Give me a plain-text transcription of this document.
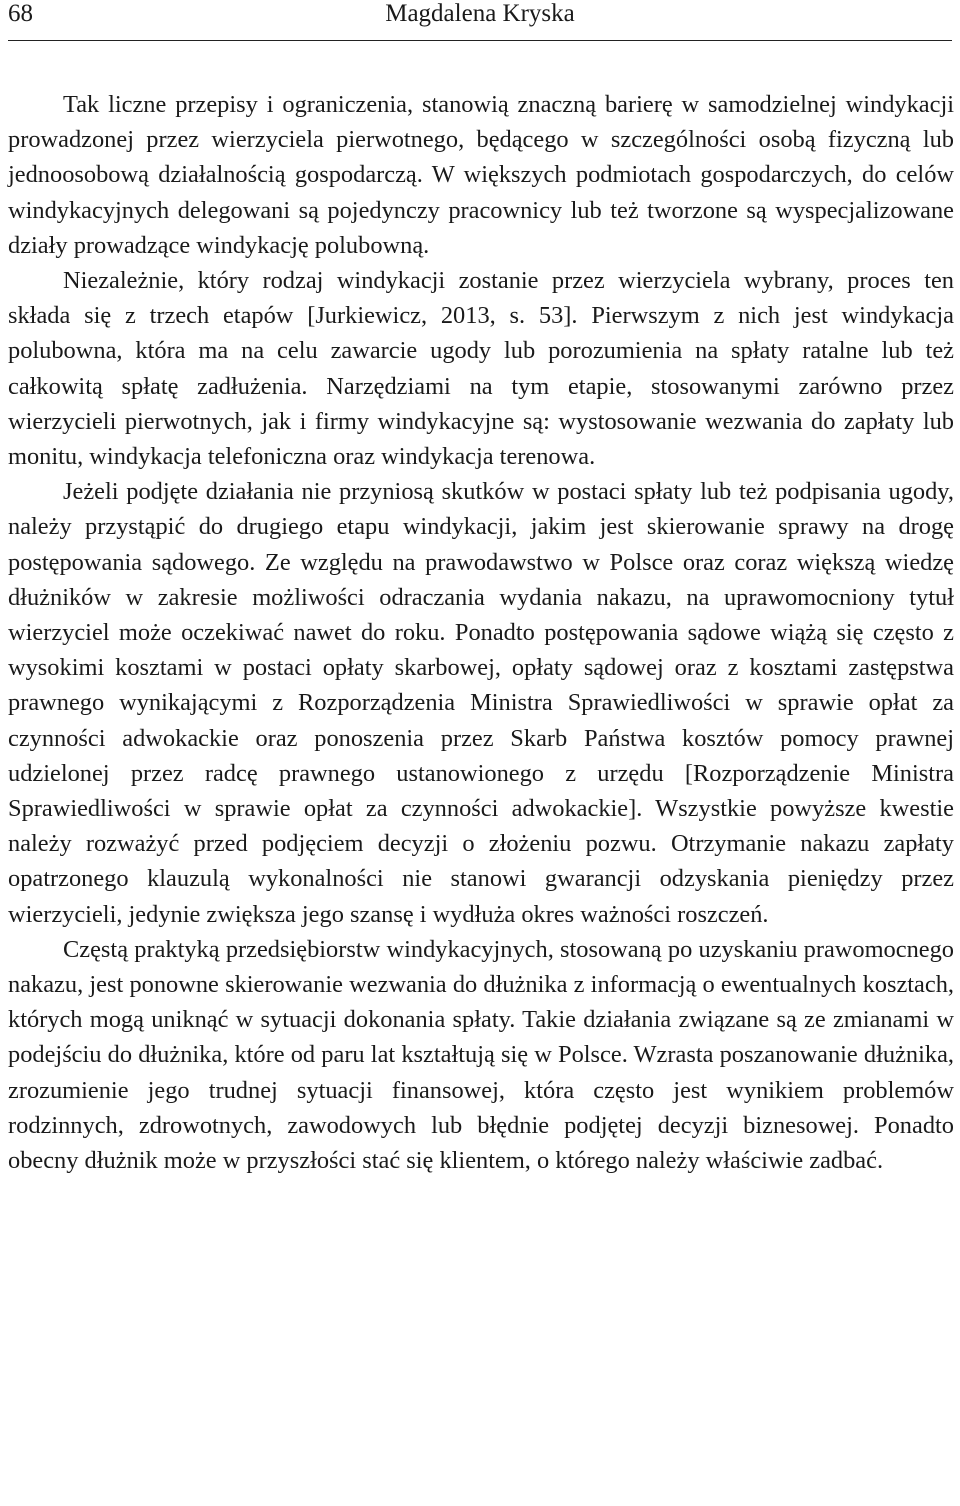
68	Magdalena Kryska

Tak liczne przepisy i ograniczenia, stanowią znaczną barierę w samodzielnej windykacji prowadzonej przez wierzyciela pierwotnego, będącego w szczególności osobą fizyczną lub jednoosobową działalnością gospodarczą. W większych podmiotach gospodarczych, do celów windykacyjnych delegowani są pojedynczy pracownicy lub też tworzone są wyspecjalizowane działy prowadzące windykację polubowną.

Niezależnie, który rodzaj windykacji zostanie przez wierzyciela wybrany, proces ten składa się z trzech etapów [Jurkiewicz, 2013, s. 53]. Pierwszym z nich jest windykacja polubowna, która ma na celu zawarcie ugody lub porozumienia na spłaty ratalne lub też całkowitą spłatę zadłużenia. Narzędziami na tym etapie, stosowanymi zarówno przez wierzycieli pierwotnych, jak i firmy windykacyjne są: wystosowanie wezwania do zapłaty lub monitu, windykacja telefoniczna oraz windykacja terenowa.

Jeżeli podjęte działania nie przyniosą skutków w postaci spłaty lub też podpisania ugody, należy przystąpić do drugiego etapu windykacji, jakim jest skierowanie sprawy na drogę postępowania sądowego. Ze względu na prawodawstwo w Polsce oraz coraz większą wiedzę dłużników w zakresie możliwości odraczania wydania nakazu, na uprawomocniony tytuł wierzyciel może oczekiwać nawet do roku. Ponadto postępowania sądowe wiążą się często z wysokimi kosztami w postaci opłaty skarbowej, opłaty sądowej oraz z kosztami zastępstwa prawnego wynikającymi z Rozporządzenia Ministra Sprawiedliwości w sprawie opłat za czynności adwokackie oraz ponoszenia przez Skarb Państwa kosztów pomocy prawnej udzielonej przez radcę prawnego ustanowionego z urzędu [Rozporządzenie Ministra Sprawiedliwości w sprawie opłat za czynności adwokackie]. Wszystkie powyższe kwestie należy rozważyć przed podjęciem decyzji o złożeniu pozwu. Otrzymanie nakazu zapłaty opatrzonego klauzulą wykonalności nie stanowi gwarancji odzyskania pieniędzy przez wierzycieli, jedynie zwiększa jego szansę i wydłuża okres ważności roszczeń.

Częstą praktyką przedsiębiorstw windykacyjnych, stosowaną po uzyskaniu prawomocnego nakazu, jest ponowne skierowanie wezwania do dłużnika z informacją o ewentualnych kosztach, których mogą uniknąć w sytuacji dokonania spłaty. Takie działania związane są ze zmianami w podejściu do dłużnika, które od paru lat kształtują się w Polsce. Wzrasta poszanowanie dłużnika, zrozumienie jego trudnej sytuacji finansowej, która często jest wynikiem problemów rodzinnych, zdrowotnych, zawodowych lub błędnie podjętej decyzji biznesowej. Ponadto obecny dłużnik może w przyszłości stać się klientem, o którego należy właściwie zadbać.
